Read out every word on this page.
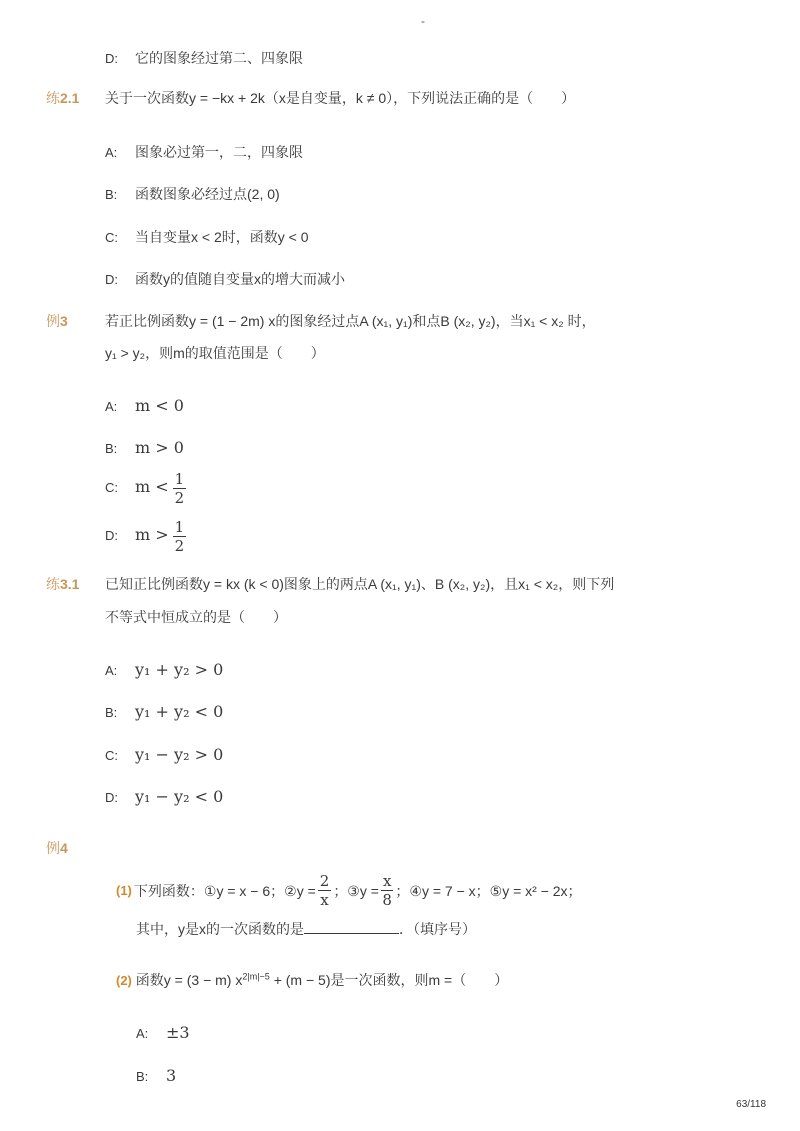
-
D: 它的图象经过第二、四象限
练2.1 关于一次函数y = −kx + 2k（x是自变量，k ≠ 0），下列说法正确的是（　　）
A: 图象必过第一，二，四象限
B: 函数图象必经过点(2, 0)
C: 当自变量x < 2时，函数y < 0
D: 函数y的值随自变量x的增大而减小
例3	若正比例函数y = (1 − 2m) x的图象经过点A (x₁, y₁)和点B (x₂, y₂)，当x₁ < x₂ 时，
y₁ > y₂，则m的取值范围是（　　）
A: m < 0
B: m > 0
C: $m < \frac{1}{2}$
D: $m > \frac{1}{2}$
练3.1 已知正比例函数y = kx (k < 0)图象上的两点A (x₁, y₁)、B (x₂, y₂)，且x₁ < x₂，则下列
不等式中恒成立的是（　　）
A: y₁ + y₂ > 0
B: y₁ + y₂ < 0
C: y₁ − y₂ > 0
D: y₁ − y₂ < 0
例4
(1) 下列函数：①y = x − 6；②y = $\frac{2}{x}$ ；③y = $\frac{x}{8}$ ；④y = 7 − x；⑤y = x² − 2x；
其中，y是x的一次函数的是	．（填序号）
(2) 函数y = (3 − m) $x^{2|m|-5} + (m - 5)$是一次函数，则m =（　　）
A: ±3
B: 3
63/118
